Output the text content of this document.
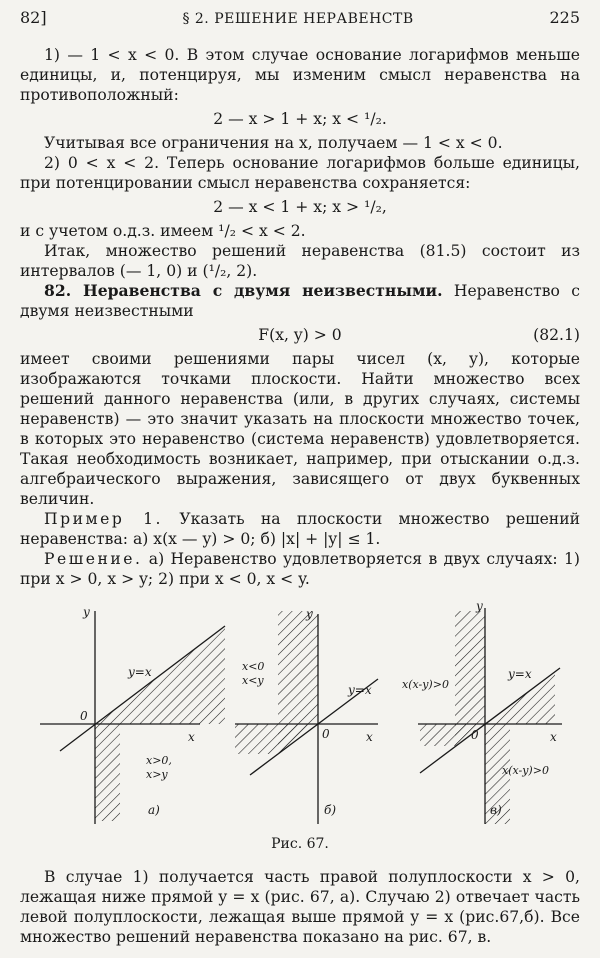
82]	§ 2. РЕШЕНИЕ НЕРАВЕНСТВ	225

1) — 1 < x < 0. В этом случае основание логарифмов меньше единицы, и, потенцируя, мы изменим смысл неравенства на противоположный:

2 — x > 1 + x; x < ¹/₂.

Учитывая все ограничения на x, получаем — 1 < x < 0.

2) 0 < x < 2. Теперь основание логарифмов больше единицы, при потенцировании смысл неравенства сохраняется:

2 — x < 1 + x; x > ¹/₂,

и с учетом о.д.з. имеем ¹/₂ < x < 2.

Итак, множество решений неравенства (81.5) состоит из интервалов (— 1, 0) и (¹/₂, 2).

82. Неравенства с двумя неизвестными. Неравенство с двумя неизвестными

F(x, y) > 0	(82.1)

имеет своими решениями пары чисел (x, y), которые изображаются точками плоскости. Найти множество всех решений данного неравенства (или, в других случаях, системы неравенств) — это значит указать на плоскости множество точек, в которых это неравенство (система неравенств) удовлетворяется. Такая необходимость возникает, например, при отыскании о.д.з. алгебраического выражения, зависящего от двух буквенных величин.

Пример 1. Указать на плоскости множество решений неравенства: а) x(x — y) > 0; б) |x| + |y| ≤ 1.

Решение. а) Неравенство удовлетворяется в двух случаях: 1) при x > 0, x > y; 2) при x < 0, x < y.

y
x
0
y=x
x>0,
x>y
а)
y
x
0
y=x
x<0
x<y
б)
y
x
0
y=x
x(x-y)>0
x(x-y)>0
в)
Рис. 67.

В случае 1) получается часть правой полуплоскости x > 0, лежащая ниже прямой y = x (рис. 67, а). Случаю 2) отвечает часть левой полуплоскости, лежащая выше прямой y = x (рис.67,б). Все множество решений неравенства показано на рис. 67, в.
